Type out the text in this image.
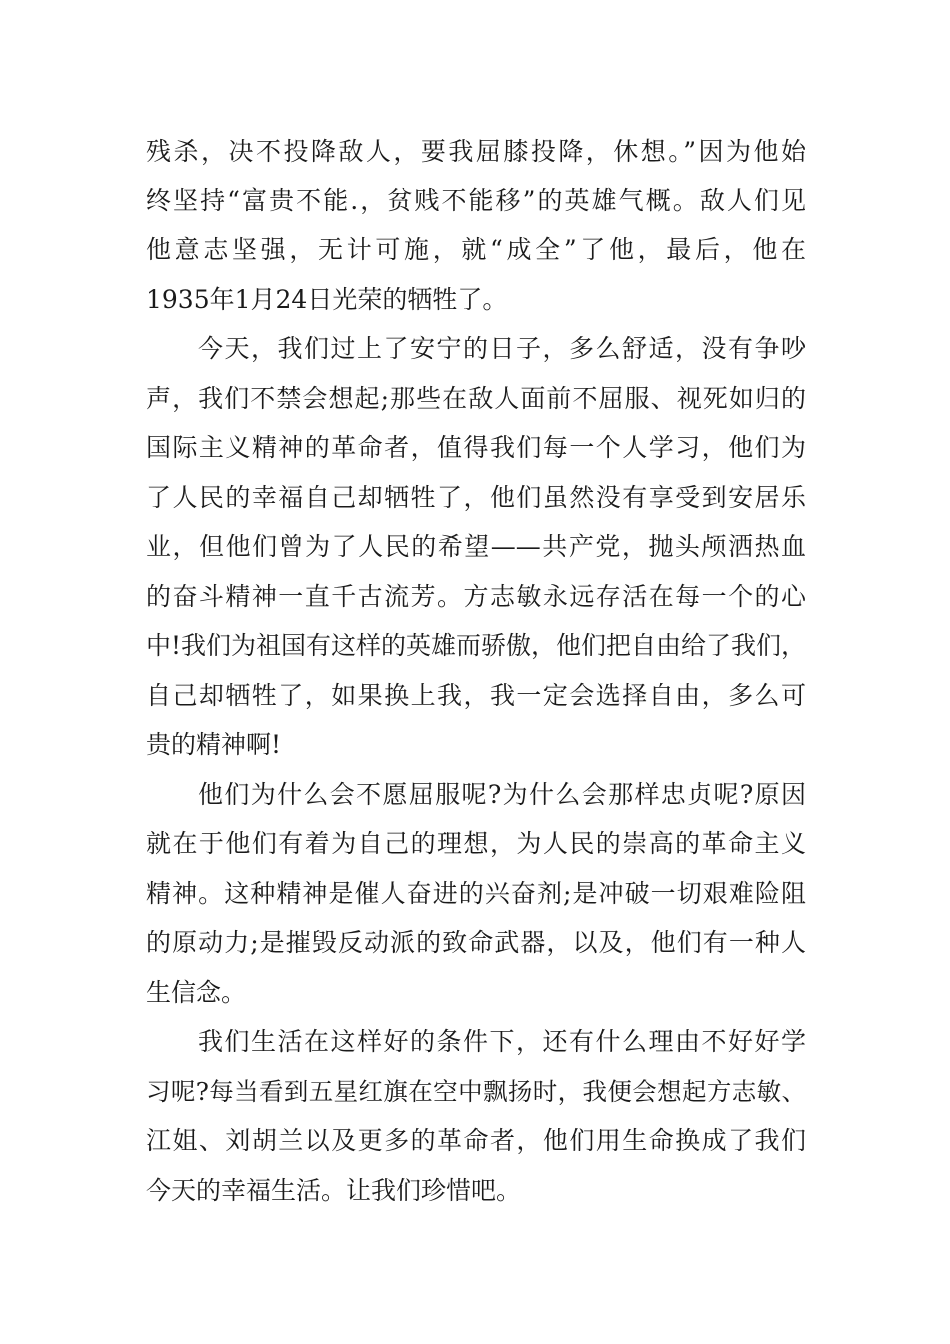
残杀，决不投降敌人，要我屈膝投降，休想。”因为他始
终坚持“富贵不能.，贫贱不能移”的英雄气概。敌人们见
他意志坚强，无计可施，就“成全”了他，最后，他在
1935年1月24日光荣的牺牲了。
今天，我们过上了安宁的日子，多么舒适，没有争吵
声，我们不禁会想起;那些在敌人面前不屈服、视死如归的
国际主义精神的革命者，值得我们每一个人学习，他们为
了人民的幸福自己却牺牲了，他们虽然没有享受到安居乐
业，但他们曾为了人民的希望——共产党，抛头颅洒热血
的奋斗精神一直千古流芳。方志敏永远存活在每一个的心
中!我们为祖国有这样的英雄而骄傲，他们把自由给了我们，
自己却牺牲了，如果换上我，我一定会选择自由，多么可
贵的精神啊!
他们为什么会不愿屈服呢?为什么会那样忠贞呢?原因
就在于他们有着为自己的理想，为人民的崇高的革命主义
精神。这种精神是催人奋进的兴奋剂;是冲破一切艰难险阻
的原动力;是摧毁反动派的致命武器，以及，他们有一种人
生信念。
我们生活在这样好的条件下，还有什么理由不好好学
习呢?每当看到五星红旗在空中飘扬时，我便会想起方志敏、
江姐、刘胡兰以及更多的革命者，他们用生命换成了我们
今天的幸福生活。让我们珍惜吧。
